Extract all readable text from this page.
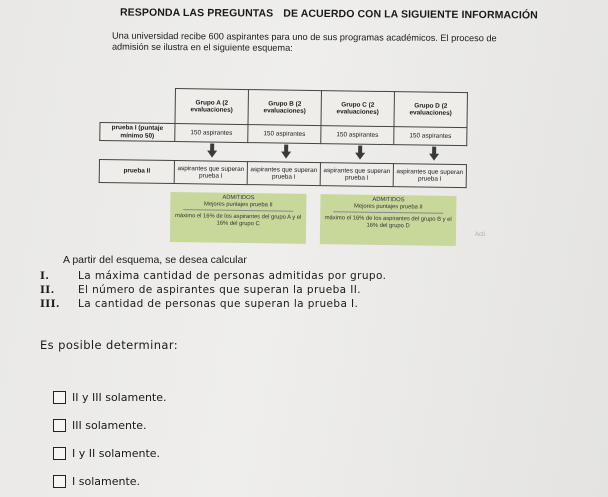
RESPONDA LAS PREGUNTAS DE ACUERDO CON LA SIGUIENTE INFORMACIÓN
Una universidad recibe 600 aspirantes para uno de sus programas académicos. El proceso de admisión se ilustra en el siguiente esquema:
	Grupo A (2 evaluaciones)	Grupo B (2 evaluaciones)	Grupo C (2 evaluaciones)	Grupo D (2 evaluaciones)
prueba I (puntaje mínimo 50)	150 aspirantes	150 aspirantes	150 aspirantes	150 aspirantes

prueba II	aspirantes que superan prueba I	aspirantes que superan prueba I	aspirantes que superan prueba I	aspirantes que superan prueba I
ADMITIDOS
Mejores puntajes prueba II
máximo el 16% de los aspirantes del grupo A y el 16% del grupo C
ADMITIDOS
Mejores puntajes prueba II
máximo el 16% de los aspirantes del grupo B y el 16% del grupo D
Acti
A partir del esquema, se desea calcular
I.	La máxima cantidad de personas admitidas por grupo.
II. El número de aspirantes que superan la prueba II.
III. La cantidad de personas que superan la prueba I.
Es posible determinar:
II y III solamente.
III solamente.
I y II solamente.
I solamente.
